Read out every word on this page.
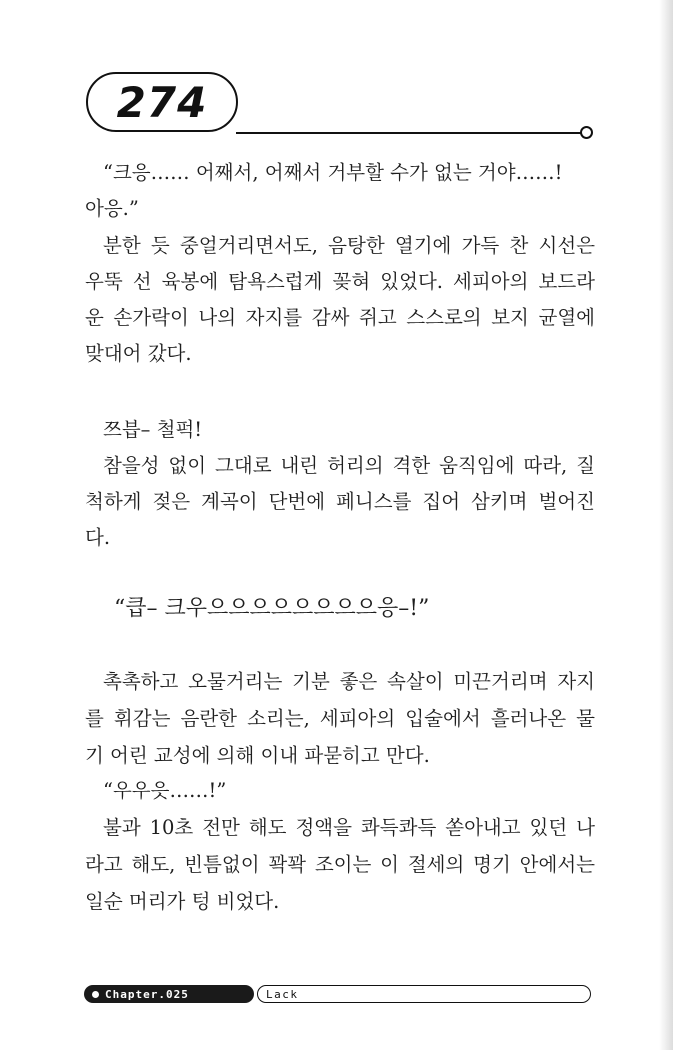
274
“크응…… 어째서, 어째서 거부할 수가 없는 거야……!
아응.”
분한 듯 중얼거리면서도, 음탕한 열기에 가득 찬 시선은
우뚝 선 육봉에 탐욕스럽게 꽂혀 있었다. 세피아의 보드라
운 손가락이 나의 자지를 감싸 쥐고 스스로의 보지 균열에
맞대어 갔다.
쯔븝– 철퍽!
참을성 없이 그대로 내린 허리의 격한 움직임에 따라, 질
척하게 젖은 계곡이 단번에 페니스를 집어 삼키며 벌어진
다.
“큽– 크우으으으으으으으으응–!”
촉촉하고 오물거리는 기분 좋은 속살이 미끈거리며 자지
를 휘감는 음란한 소리는, 세피아의 입술에서 흘러나온 물
기 어린 교성에 의해 이내 파묻히고 만다.
“우우읏……!”
불과 10초 전만 해도 정액을 콰득콰득 쏟아내고 있던 나
라고 해도, 빈틈없이 꽉꽉 조이는 이 절세의 명기 안에서는
일순 머리가 텅 비었다.
Chapter.025	Lack
